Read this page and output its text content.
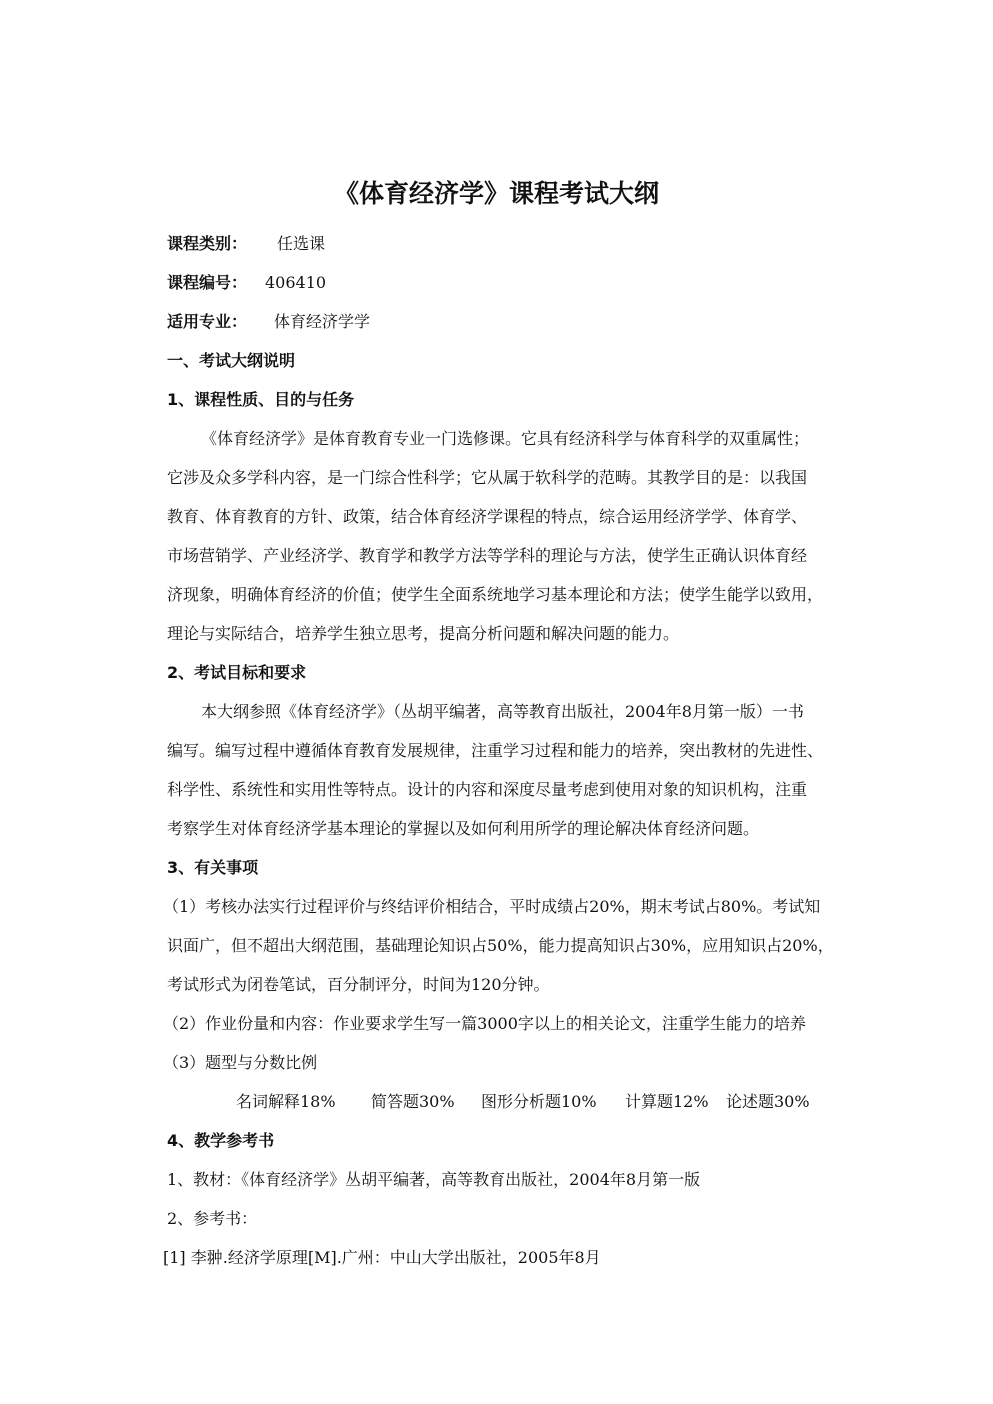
《体育经济学》课程考试大纲
课程类别： 任选课
课程编号： 406410
适用专业： 体育经济学学
一、考试大纲说明
1、课程性质、目的与任务
《体育经济学》是体育教育专业一门选修课。它具有经济科学与体育科学的双重属性；
它涉及众多学科内容，是一门综合性科学；它从属于软科学的范畴。其教学目的是：以我国
教育、体育教育的方针、政策，结合体育经济学课程的特点，综合运用经济学学、体育学、
市场营销学、产业经济学、教育学和教学方法等学科的理论与方法，使学生正确认识体育经
济现象，明确体育经济的价值；使学生全面系统地学习基本理论和方法；使学生能学以致用，
理论与实际结合，培养学生独立思考，提高分析问题和解决问题的能力。
2、考试目标和要求
本大纲参照《体育经济学》（丛胡平编著，高等教育出版社，2004年8月第一版）一书
编写。编写过程中遵循体育教育发展规律，注重学习过程和能力的培养，突出教材的先进性、
科学性、系统性和实用性等特点。设计的内容和深度尽量考虑到使用对象的知识机构，注重
考察学生对体育经济学基本理论的掌握以及如何利用所学的理论解决体育经济问题。
3、有关事项
（1）考核办法实行过程评价与终结评价相结合，平时成绩占20%，期末考试占80%。考试知
识面广，但不超出大纲范围，基础理论知识占50%，能力提高知识占30%，应用知识占20%，
考试形式为闭卷笔试，百分制评分，时间为120分钟。
（2）作业份量和内容：作业要求学生写一篇3000字以上的相关论文，注重学生能力的培养
（3）题型与分数比例
名词解释18% 简答题30% 图形分析题10% 计算题12% 论述题30%
4、教学参考书
1、教材：《体育经济学》丛胡平编著，高等教育出版社，2004年8月第一版
2、参考书：
[1] 李翀.经济学原理[M].广州：中山大学出版社，2005年8月
